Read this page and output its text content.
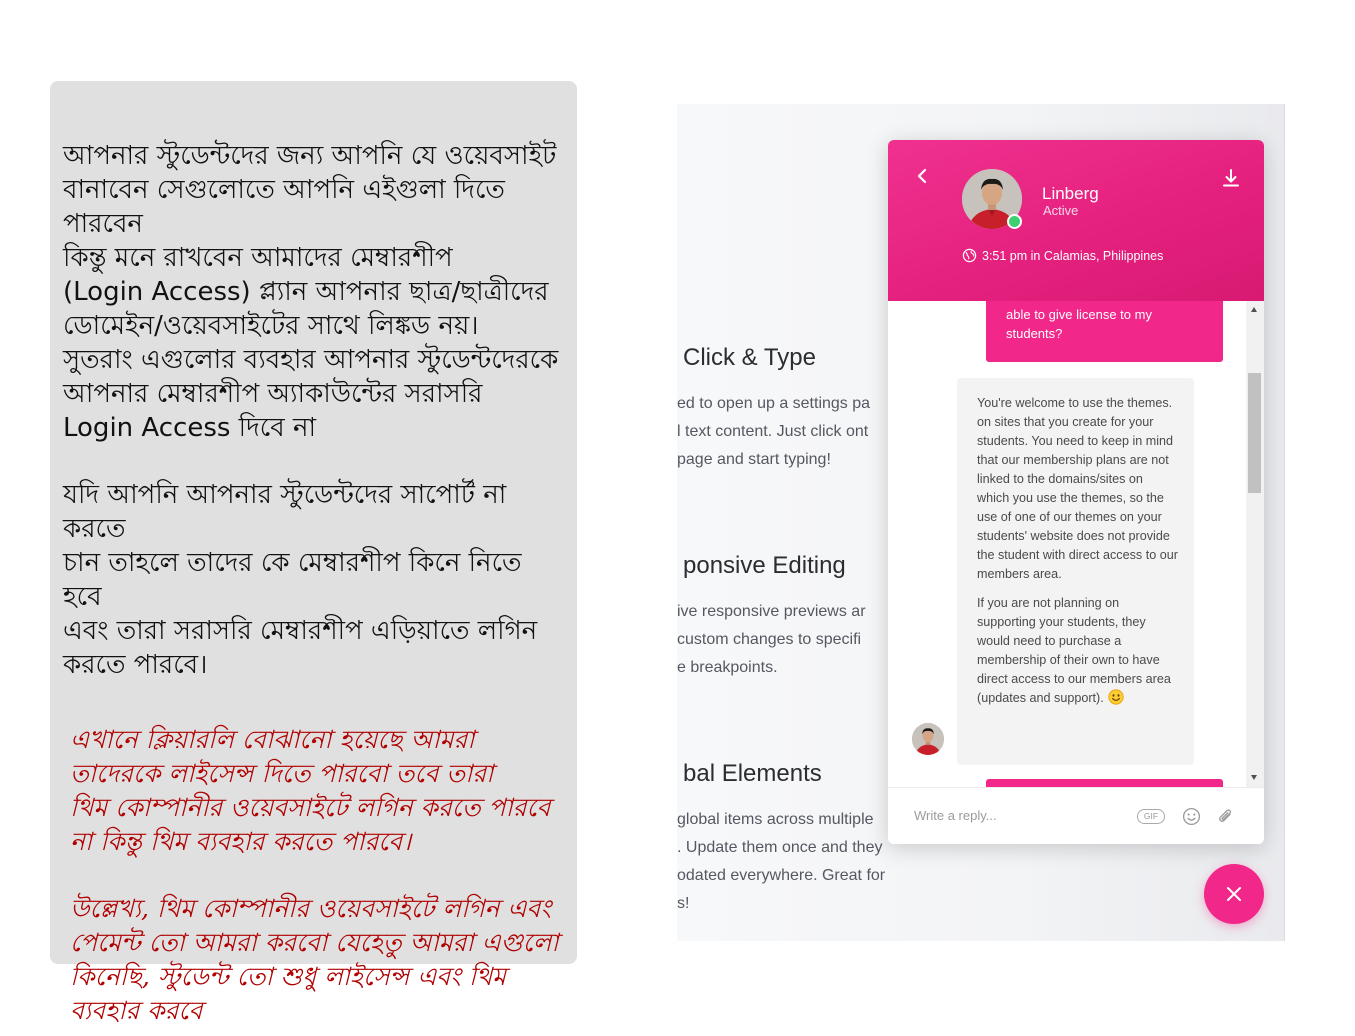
আপনার স্টুডেন্টদের জন্য আপনি যে ওয়েবসাইট
বানাবেন সেগুলোতে আপনি এইগুলা দিতে পারবেন
কিন্তু মনে রাখবেন আমাদের মেম্বারশীপ
(Login Access) প্ল্যান আপনার ছাত্র/ছাত্রীদের
ডোমেইন/ওয়েবসাইটের সাথে লিঙ্কড নয়।
সুতরাং এগুলোর ব্যবহার আপনার স্টুডেন্টদেরকে
আপনার মেম্বারশীপ অ্যাকাউন্টের সরাসরি
Login Access দিবে না

যদি আপনি আপনার স্টুডেন্টদের সাপোর্ট না করতে
চান তাহলে তাদের কে মেম্বারশীপ কিনে নিতে হবে
এবং তারা সরাসরি মেম্বারশীপ এড়িয়াতে লগিন
করতে পারবে।

এখানে ক্লিয়ারলি বোঝানো হয়েছে আমরা
তাদেরকে লাইসেন্স দিতে পারবো তবে তারা
থিম কোম্পানীর ওয়েবসাইটে লগিন করতে পারবে
না কিন্তু থিম ব্যবহার করতে পারবে।

উল্লেখ্য, থিম কোম্পানীর ওয়েবসাইটে লগিন এবং
পেমেন্ট তো আমরা করবো যেহেতু আমরা এগুলো
কিনেছি, স্টুডেন্ট তো শুধু লাইসেন্স এবং থিম
ব্যবহার করবে

Click & Type

ed to open up a settings pa

l text content. Just click ont

page and start typing!

ponsive Editing

ive responsive previews ar

custom changes to specifi

e breakpoints.

bal Elements

global items across multiple

. Update them once and they

odated everywhere. Great for

s!

Linberg
Active
3:51 pm in Calamias, Philippines
able to give license to my
students?

You're welcome to use the themes. on sites that you create for your students. You need to keep in mind that our membership plans are not linked to the domains/sites on which you use the themes, so the use of one of our themes on your students' website does not provide the student with direct access to our members area.

If you are not planning on supporting your students, they would need to purchase a membership of their own to have direct access to our members area (updates and support).

Write a reply...
GIF
